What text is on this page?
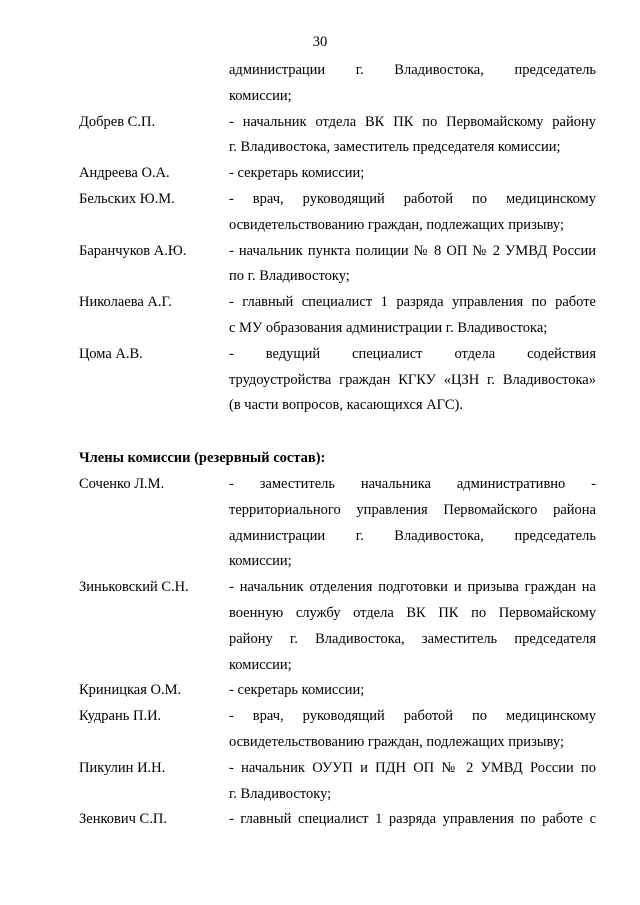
30
администрации г. Владивостока, председатель
комиссии;
Добрев С.П.	- начальник отдела ВК ПК по Первомайскому району
г. Владивостока, заместитель председателя комиссии;
Андреева О.А.	- секретарь комиссии;
Бельских Ю.М.	- врач, руководящий работой по медицинскому
освидетельствованию граждан, подлежащих призыву;
Баранчуков А.Ю.	- начальник пункта полиции № 8 ОП № 2 УМВД России
по г. Владивостоку;
Николаева А.Г.	- главный специалист 1 разряда управления по работе
с МУ образования администрации г. Владивостока;
Цома А.В.	- ведущий специалист отдела содействия
трудоустройства граждан КГКУ «ЦЗН г. Владивостока»
(в части вопросов, касающихся АГС).
Члены комиссии (резервный состав):
Соченко Л.М.	- заместитель начальника административно -
территориального управления Первомайского района
администрации г. Владивостока, председатель
комиссии;
Зиньковский С.Н.	- начальник отделения подготовки и призыва граждан на
военную службу отдела ВК ПК по Первомайскому
району г. Владивостока, заместитель председателя
комиссии;
Криницкая О.М.	- секретарь комиссии;
Кудрань П.И.	- врач, руководящий работой по медицинскому
освидетельствованию граждан, подлежащих призыву;
Пикулин И.Н.	- начальник ОУУП и ПДН ОП № 2 УМВД России по
г. Владивостоку;
Зенкович С.П.	- главный специалист 1 разряда управления по работе с
